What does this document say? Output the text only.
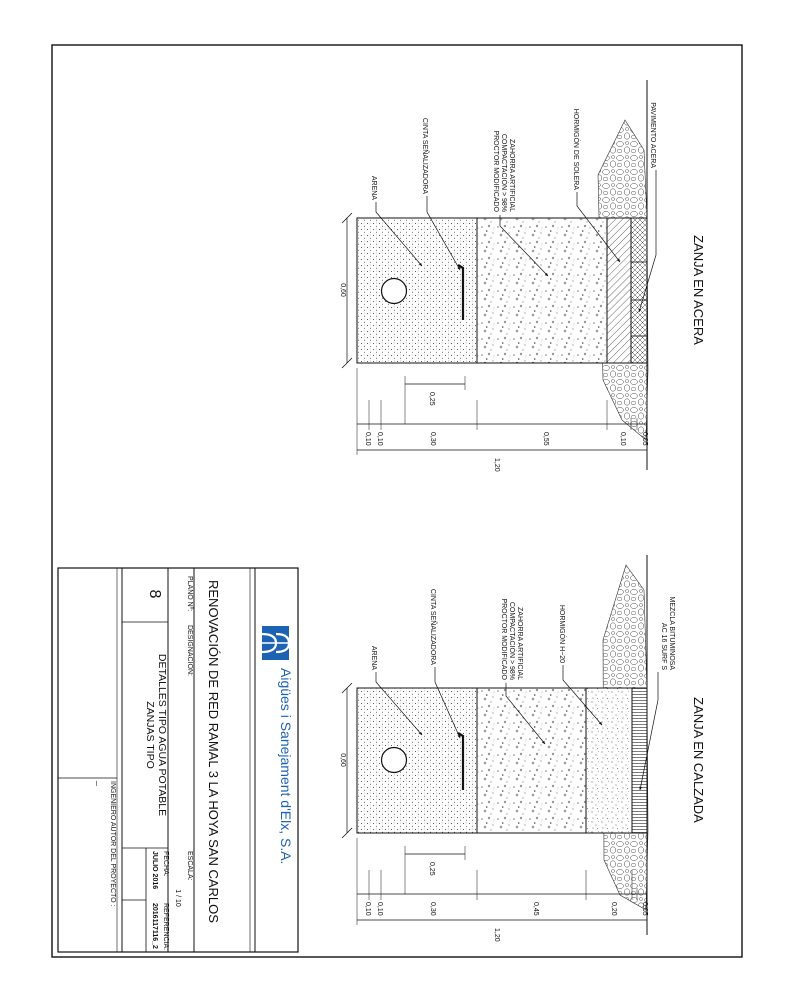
ZANJA EN ACERA
PAVIMENTO ACERA
HORMIGÓN DE SOLERA
ZAHORRA ARTIFICIAL
COMPACTACIÓN > 98%
PROCTOR MODIFICADO
CINTA SEÑALIZADORA
ARENA
0,60
0,05
0,10
0,55
0,30
0,10
0,10
0,25
1,20
ZANJA EN CALZADA
MEZCLA BITUMINOSA
AC 16 SURF S
HORMIGÓN H−20
ZAHORRA ARTIFICIAL
COMPACTACIÓN > 98%
PROCTOR MODIFICADO
CINTA SEÑALIZADORA
ARENA
0,60
0,05
0,20
0,45
0,30
0,10
0,10
0,25
1,20
Aigües i Sanejament d'Elx, S.A.
RENOVACIÓN DE RED RAMAL 3 LA HOYA SAN CARLOS
PLANO Nº:
8
DESIGNACIÓN:
DETALLES TIPO AGUA POTABLE
ZANJAS TIPO
ESCALA:
1 / 10
FECHA:
JULIO 2016
REFERENCIA:
2016117116_2
INGENIERO AUTOR DEL PROYECTO :
_
